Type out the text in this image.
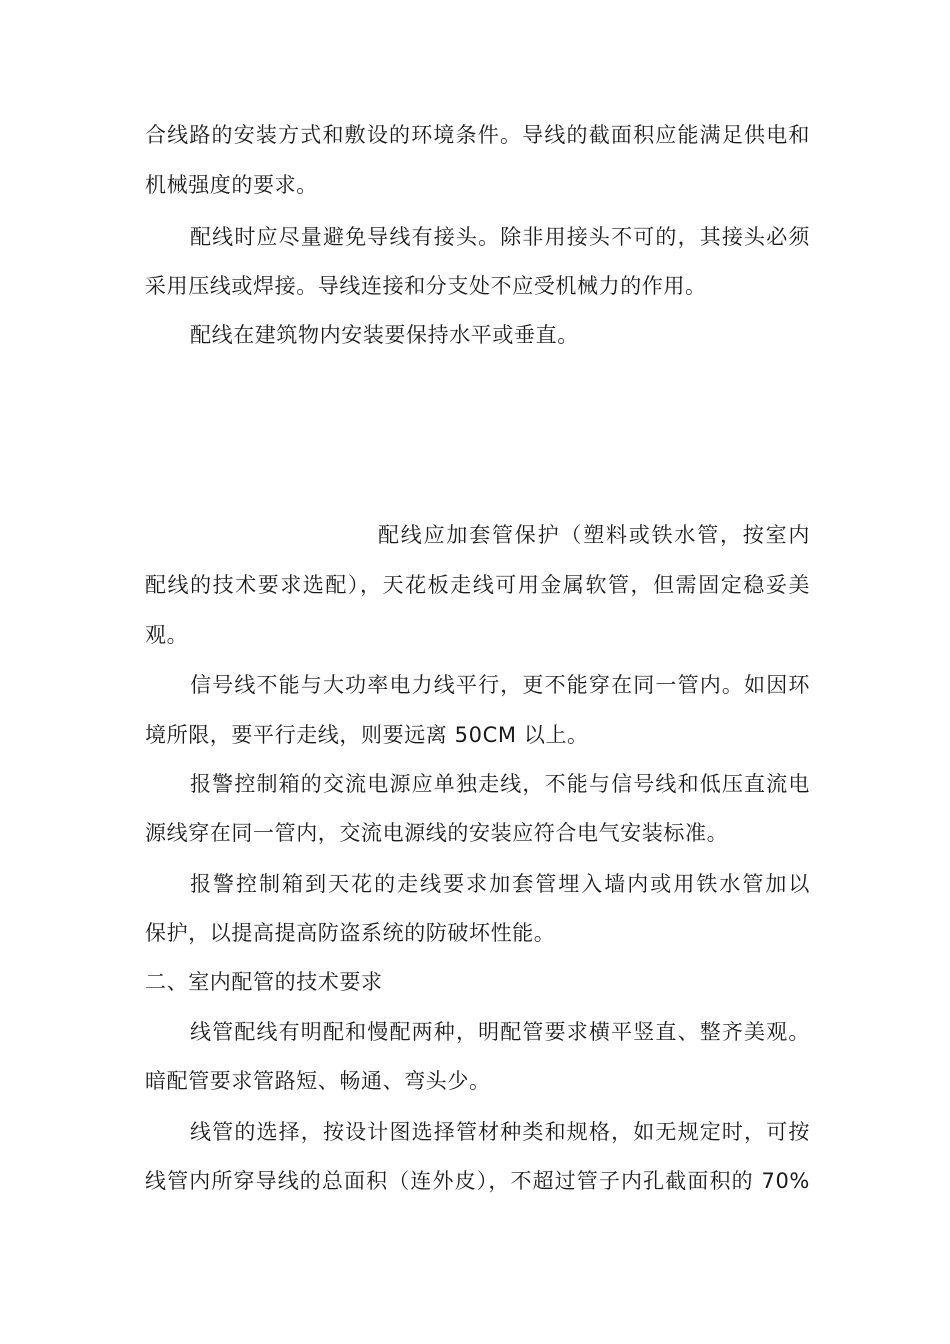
合线路的安装方式和敷设的环境条件。导线的截面积应能满足供电和
机械强度的要求。
配线时应尽量避免导线有接头。除非用接头不可的，其接头必须
采用压线或焊接。导线连接和分支处不应受机械力的作用。
配线在建筑物内安装要保持水平或垂直。
配线应加套管保护（塑料或铁水管，按室内
配线的技术要求选配），天花板走线可用金属软管，但需固定稳妥美
观。
信号线不能与大功率电力线平行，更不能穿在同一管内。如因环
境所限，要平行走线，则要远离 50CM 以上。
报警控制箱的交流电源应单独走线，不能与信号线和低压直流电
源线穿在同一管内，交流电源线的安装应符合电气安装标准。
报警控制箱到天花的走线要求加套管埋入墙内或用铁水管加以
保护，以提高提高防盗系统的防破坏性能。
二、室内配管的技术要求
线管配线有明配和慢配两种，明配管要求横平竖直、整齐美观。
暗配管要求管路短、畅通、弯头少。
线管的选择，按设计图选择管材种类和规格，如无规定时，可按
线管内所穿导线的总面积（连外皮），不超过管子内孔截面积的 70%
